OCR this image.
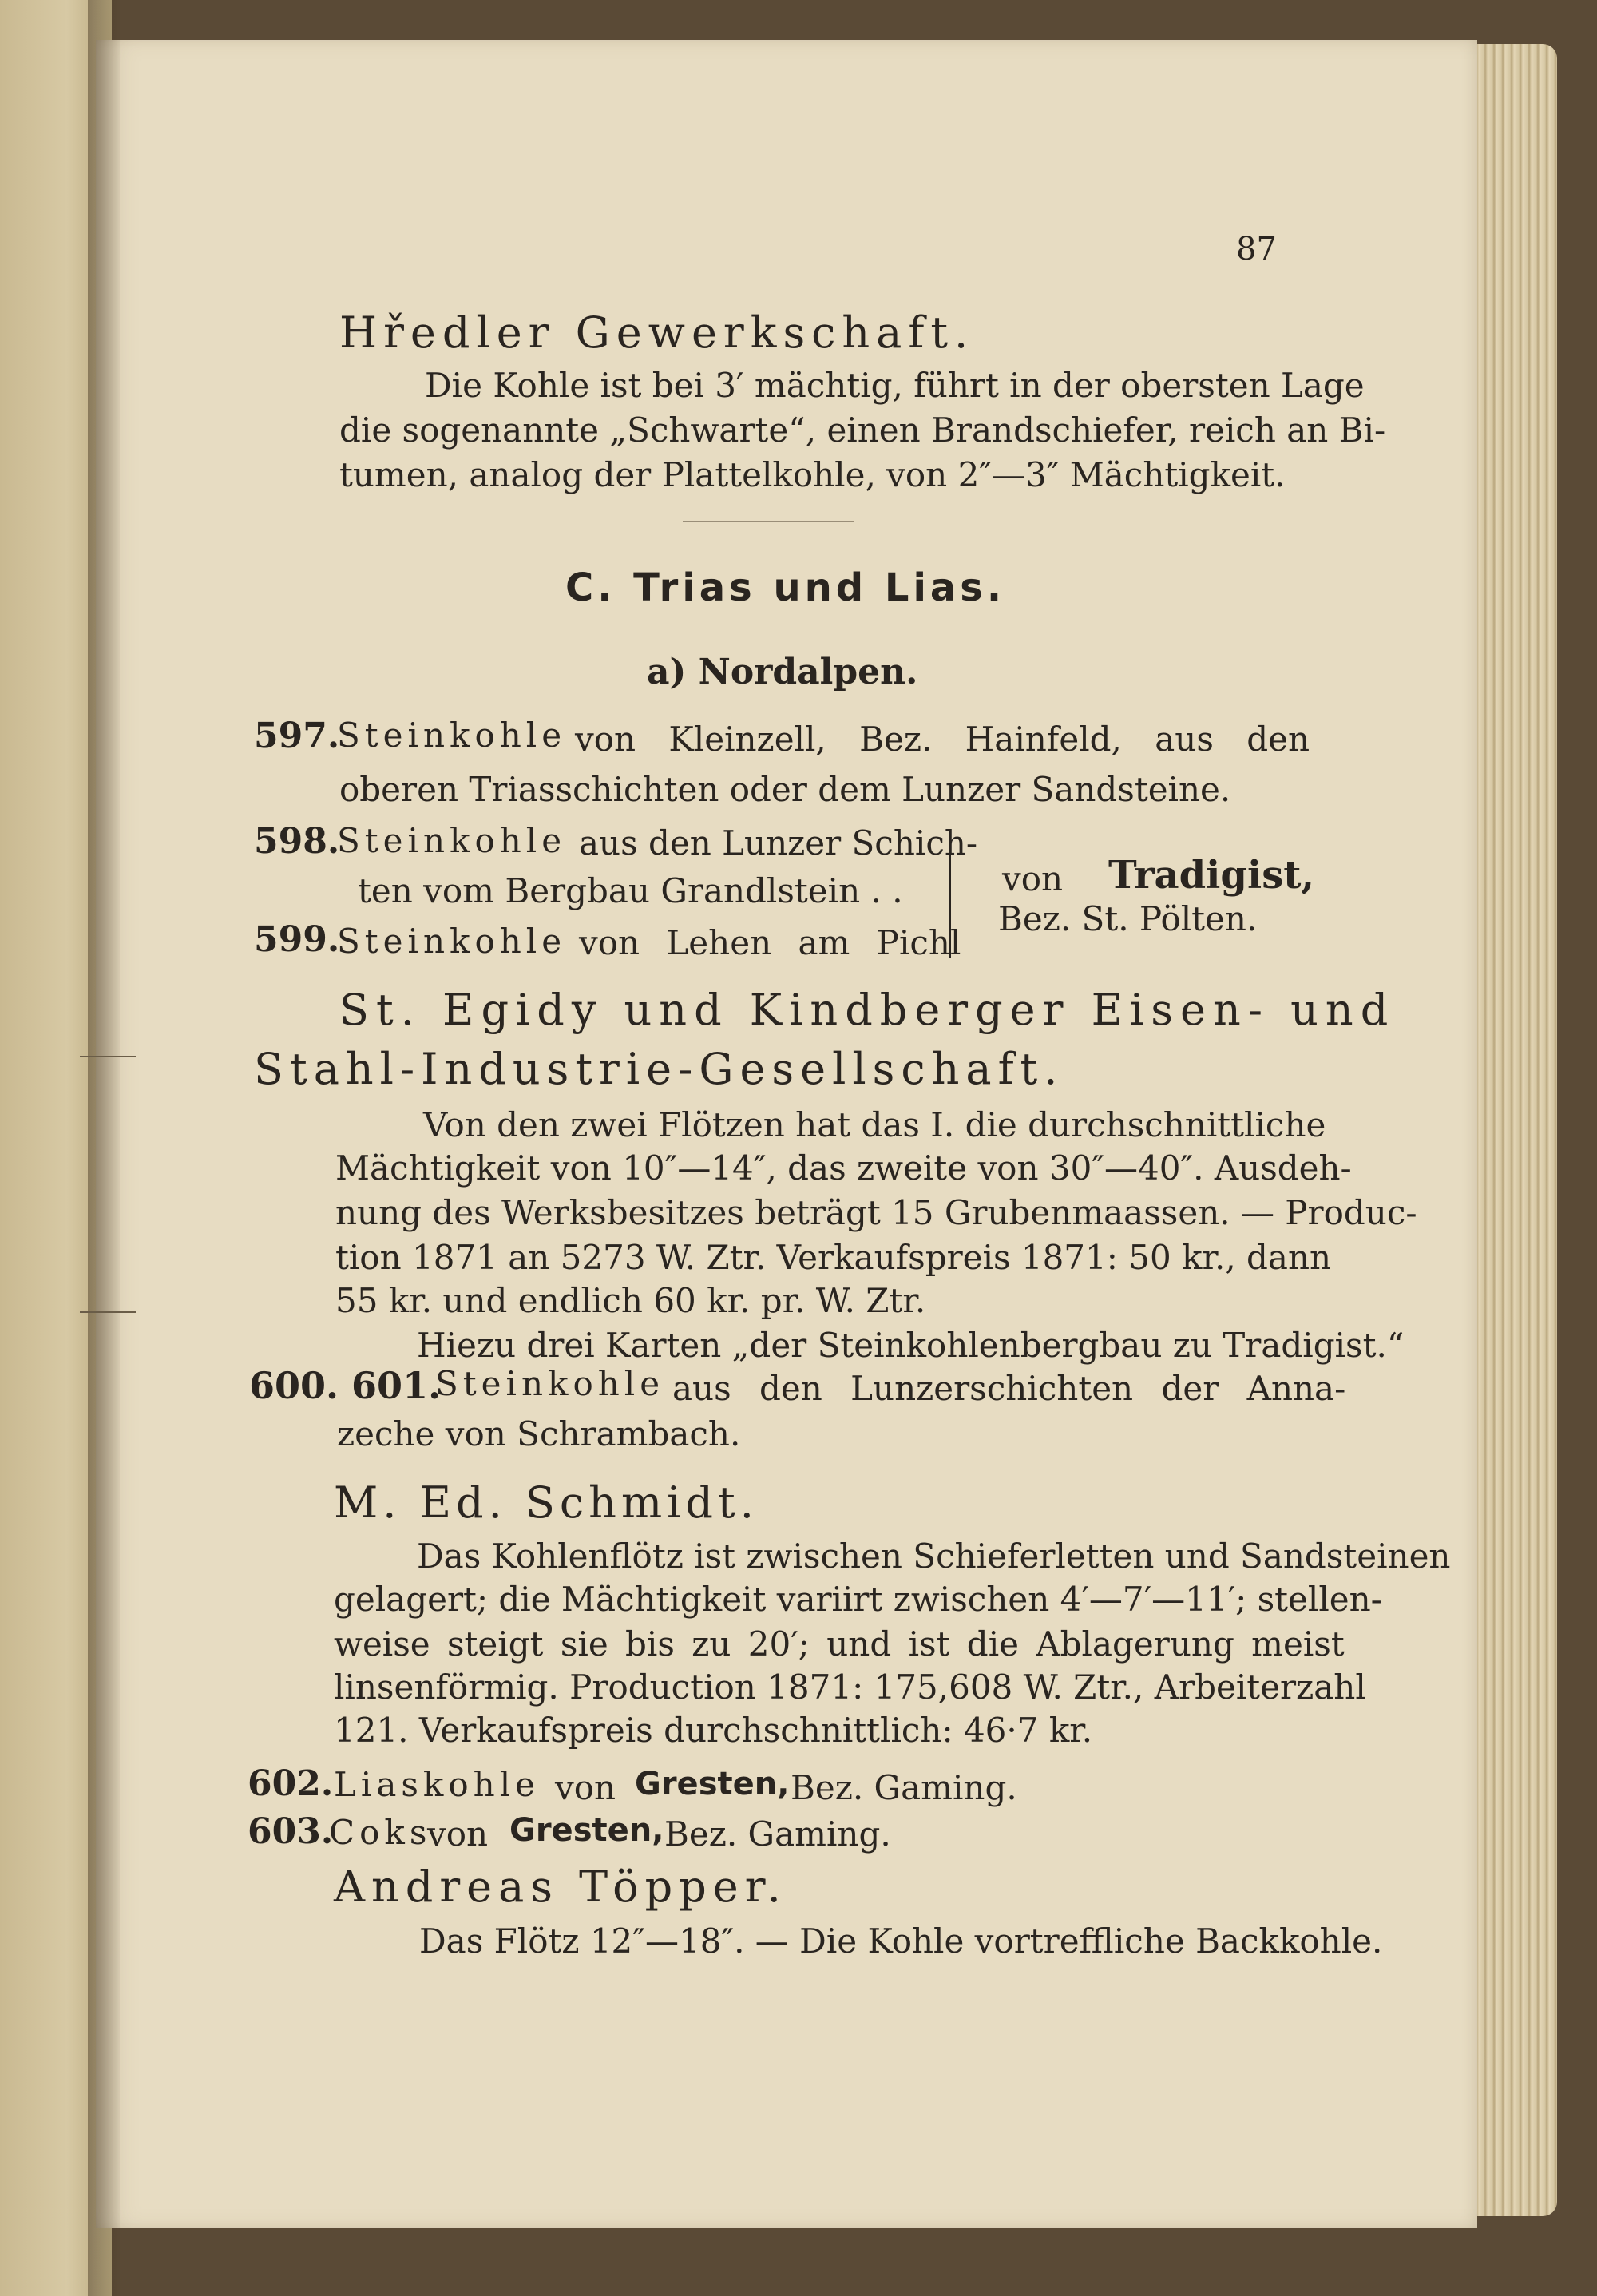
87
Hředler Gewerkschaft.
Die Kohle ist bei 3′ mächtig, führt in der obersten Lage
die sogenannte „Schwarte“, einen Brandschiefer, reich an Bi-
tumen, analog der Plattelkohle, von 2″—3″ Mächtigkeit.
C. Trias und Lias.
a) Nordalpen.
597.
Steinkohle von Kleinzell, Bez. Hainfeld, aus den
oberen Triasschichten oder dem Lunzer Sandsteine.
598.
Steinkohle aus den Lunzer Schich-
ten vom Bergbau Grandlstein . .
599.
Steinkohle von Lehen am Pichl
von Tradigist,
Bez. St. Pölten.
St. Egidy und Kindberger Eisen- und
Stahl-Industrie-Gesellschaft.
Von den zwei Flötzen hat das I. die durchschnittliche
Mächtigkeit von 10″—14″, das zweite von 30″—40″. Ausdeh-
nung des Werksbesitzes beträgt 15 Grubenmaassen. — Produc-
tion 1871 an 5273 W. Ztr. Verkaufspreis 1871: 50 kr., dann
55 kr. und endlich 60 kr. pr. W. Ztr.
Hiezu drei Karten „der Steinkohlenbergbau zu Tradigist.“
600. 601.
Steinkohle aus den Lunzerschichten der Anna-
zeche von Schrambach.
M. Ed. Schmidt.
Das Kohlenflötz ist zwischen Schieferletten und Sandsteinen
gelagert; die Mächtigkeit variirt zwischen 4′—7′—11′; stellen-
weise steigt sie bis zu 20′; und ist die Ablagerung meist
linsenförmig. Production 1871: 175,608 W. Ztr., Arbeiterzahl
121. Verkaufspreis durchschnittlich: 46·7 kr.
602. Liaskohle von Gresten, Bez. Gaming.
603.
Coks
von Gresten, Bez. Gaming.
Andreas Töpper.
Das Flötz 12″—18″. — Die Kohle vortreffliche Backkohle.
